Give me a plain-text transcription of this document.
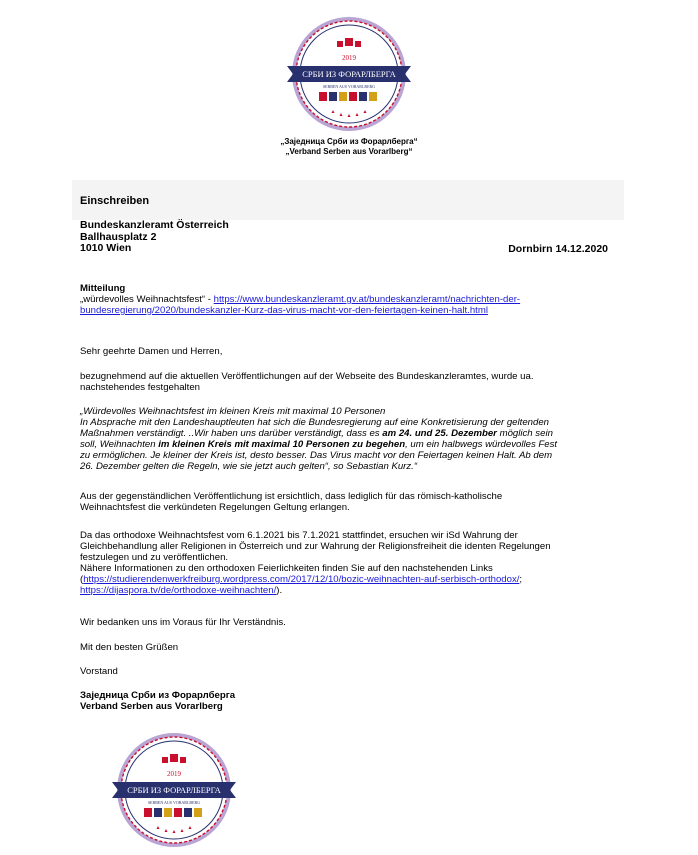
2019
СРБИ ИЗ ФОРАРЛБЕРГА
SERBEN AUS VORARLBERG
„Заједница Срби из Форарлберга“
„Verband Serben aus Vorarlberg“
Einschreiben
Bundeskanzleramt Österreich
Ballhausplatz 2
1010 Wien	Dornbirn 14.12.2020
Mitteilung
„würdevolles Weihnachtsfest“ - https://www.bundeskanzleramt.gv.at/bundeskanzleramt/nachrichten-der-
bundesregierung/2020/bundeskanzler-Kurz-das-virus-macht-vor-den-feiertagen-keinen-halt.html
Sehr geehrte Damen und Herren,
bezugnehmend auf die aktuellen Veröffentlichungen auf der Webseite des Bundeskanzleramtes, wurde ua.
nachstehendes festgehalten
„Würdevolles Weihnachtsfest im kleinen Kreis mit maximal 10 Personen
In Absprache mit den Landeshauptleuten hat sich die Bundesregierung auf eine Konkretisierung der geltenden
Maßnahmen verständigt. ..Wir haben uns darüber verständigt, dass es am 24. und 25. Dezember möglich sein
soll, Weihnachten im kleinen Kreis mit maximal 10 Personen zu begehen, um ein halbwegs würdevolles Fest
zu ermöglichen. Je kleiner der Kreis ist, desto besser. Das Virus macht vor den Feiertagen keinen Halt. Ab dem
26. Dezember gelten die Regeln, wie sie jetzt auch gelten“, so Sebastian Kurz.“
Aus der gegenständlichen Veröffentlichung ist ersichtlich, dass lediglich für das römisch-katholische
Weihnachtsfest die verkündeten Regelungen Geltung erlangen.
Da das orthodoxe Weihnachtsfest vom 6.1.2021 bis 7.1.2021 stattfindet, ersuchen wir iSd Wahrung der
Gleichbehandlung aller Religionen in Österreich und zur Wahrung der Religionsfreiheit die identen Regelungen
festzulegen und zu veröffentlichen.
Nähere Informationen zu den orthodoxen Feierlichkeiten finden Sie auf den nachstehenden Links
(https://studierendenwerkfreiburg.wordpress.com/2017/12/10/bozic-weihnachten-auf-serbisch-orthodox/;
https://dijaspora.tv/de/orthodoxe-weihnachten/).
Wir bedanken uns im Voraus für Ihr Verständnis.
Mit den besten Grüßen
Vorstand
Заједница Срби из Форарлберга
Verband Serben aus Vorarlberg
2019
СРБИ ИЗ ФОРАРЛБЕРГА
SERBEN AUS VORARLBERG
